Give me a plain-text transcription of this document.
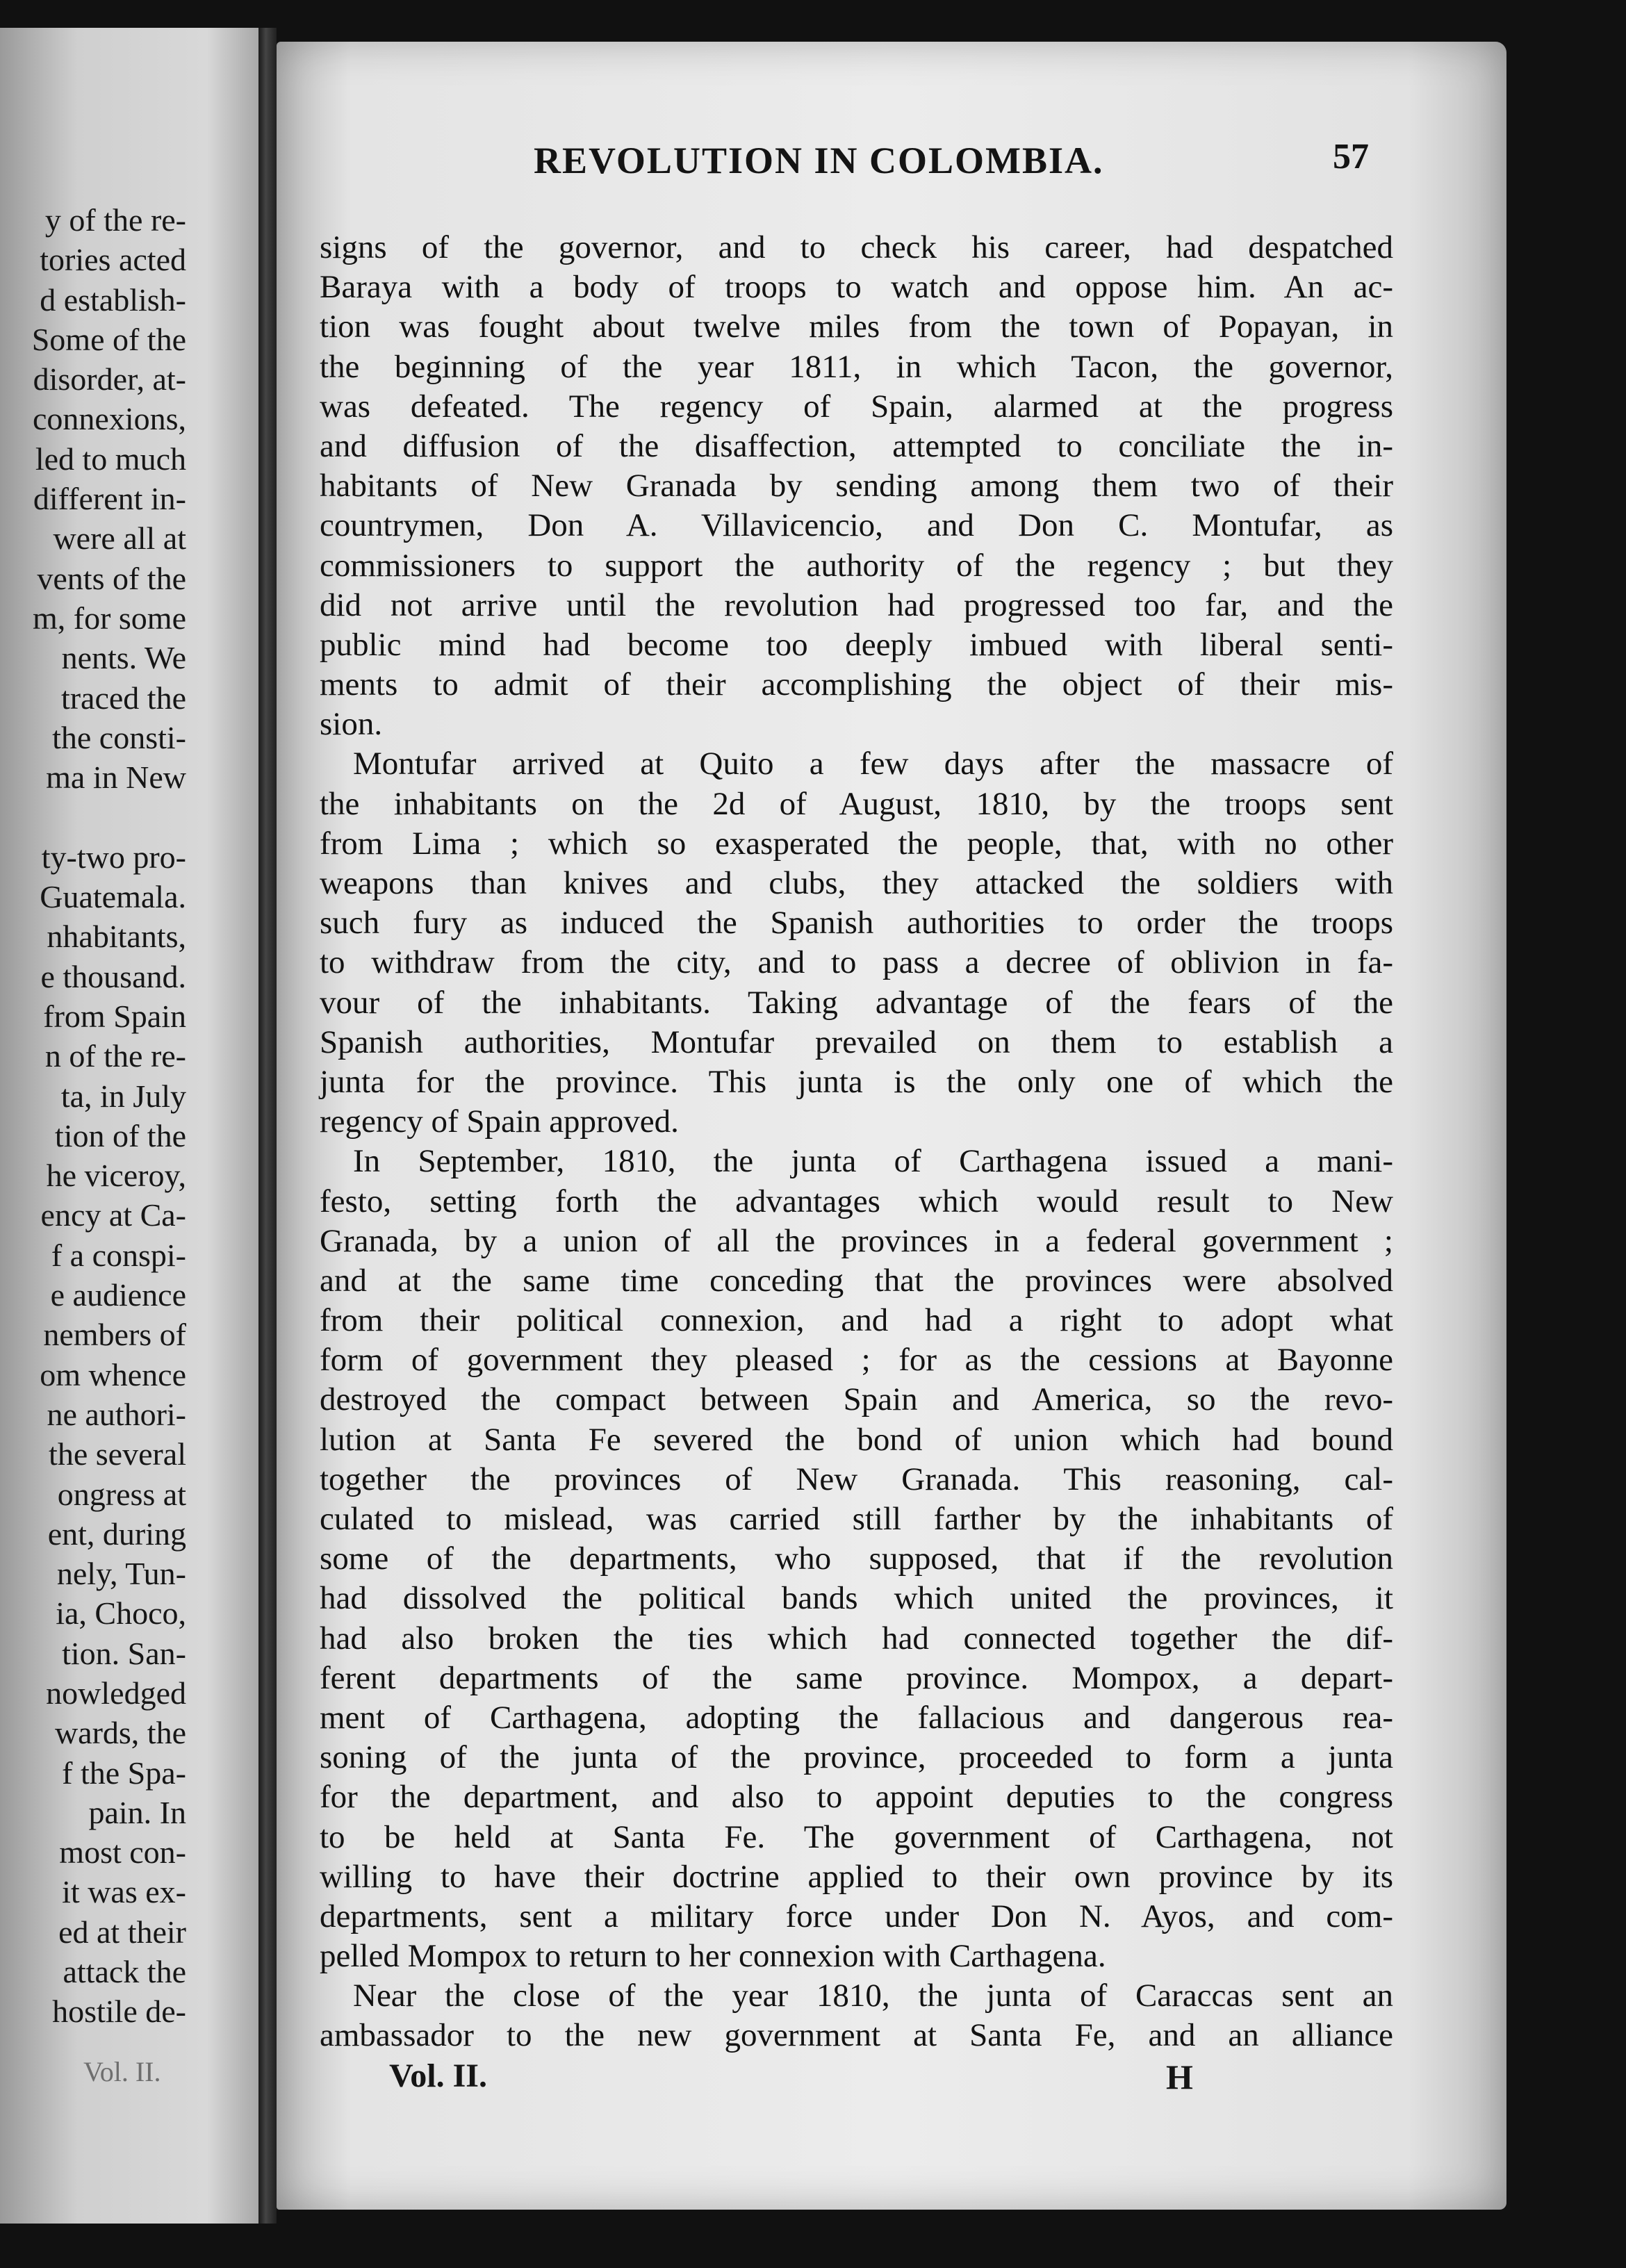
y of the re-
tories acted
d establish-
Some of the
disorder, at-
connexions,
led to much
different in-
were all at
vents of the
m, for some
nents. We
traced the
the consti-
ma in New
ty-two pro-
Guatemala.
nhabitants,
e thousand.
from Spain
n of the re-
ta, in July
tion of the
he viceroy,
ency at Ca-
f a conspi-
e audience
nembers of
om whence
ne authori-
the several
ongress at
ent, during
nely, Tun-
ia, Choco,
tion. San-
nowledged
wards, the
f the Spa-
pain. In
most con-
it was ex-
ed at their
attack the
hostile de-
Vol. II.
REVOLUTION IN COLOMBIA.	57
signs of the governor, and to check his career, had despatched
Baraya with a body of troops to watch and oppose him. An ac-
tion was fought about twelve miles from the town of Popayan, in
the beginning of the year 1811, in which Tacon, the governor,
was defeated. The regency of Spain, alarmed at the progress
and diffusion of the disaffection, attempted to conciliate the in-
habitants of New Granada by sending among them two of their
countrymen, Don A. Villavicencio, and Don C. Montufar, as
commissioners to support the authority of the regency ; but they
did not arrive until the revolution had progressed too far, and the
public mind had become too deeply imbued with liberal senti-
ments to admit of their accomplishing the object of their mis-
sion.
Montufar arrived at Quito a few days after the massacre of
the inhabitants on the 2d of August, 1810, by the troops sent
from Lima ; which so exasperated the people, that, with no other
weapons than knives and clubs, they attacked the soldiers with
such fury as induced the Spanish authorities to order the troops
to withdraw from the city, and to pass a decree of oblivion in fa-
vour of the inhabitants. Taking advantage of the fears of the
Spanish authorities, Montufar prevailed on them to establish a
junta for the province. This junta is the only one of which the
regency of Spain approved.
In September, 1810, the junta of Carthagena issued a mani-
festo, setting forth the advantages which would result to New
Granada, by a union of all the provinces in a federal government ;
and at the same time conceding that the provinces were absolved
from their political connexion, and had a right to adopt what
form of government they pleased ; for as the cessions at Bayonne
destroyed the compact between Spain and America, so the revo-
lution at Santa Fe severed the bond of union which had bound
together the provinces of New Granada. This reasoning, cal-
culated to mislead, was carried still farther by the inhabitants of
some of the departments, who supposed, that if the revolution
had dissolved the political bands which united the provinces, it
had also broken the ties which had connected together the dif-
ferent departments of the same province. Mompox, a depart-
ment of Carthagena, adopting the fallacious and dangerous rea-
soning of the junta of the province, proceeded to form a junta
for the department, and also to appoint deputies to the congress
to be held at Santa Fe. The government of Carthagena, not
willing to have their doctrine applied to their own province by its
departments, sent a military force under Don N. Ayos, and com-
pelled Mompox to return to her connexion with Carthagena.
Near the close of the year 1810, the junta of Caraccas sent an
ambassador to the new government at Santa Fe, and an alliance
Vol. II.	H
